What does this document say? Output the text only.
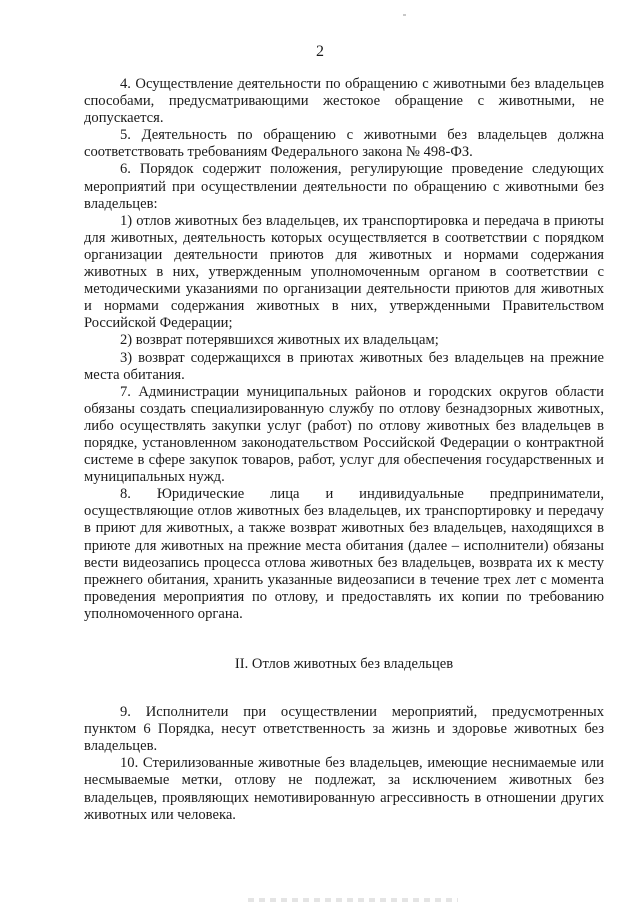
2

4. Осуществление деятельности по обращению с животными без владельцев способами, предусматривающими жестокое обращение с животными, не допускается.

5. Деятельность по обращению с животными без владельцев должна соответствовать требованиям Федерального закона № 498-ФЗ.

6. Порядок содержит положения, регулирующие проведение следующих мероприятий при осуществлении деятельности по обращению с животными без владельцев:

1) отлов животных без владельцев, их транспортировка и передача в приюты для животных, деятельность которых осуществляется в соответствии с порядком организации деятельности приютов для животных и нормами содержания животных в них, утвержденным уполномоченным органом в соответствии с методическими указаниями по организации деятельности приютов для животных и нормами содержания животных в них, утвержденными Правительством Российской Федерации;

2) возврат потерявшихся животных их владельцам;

3) возврат содержащихся в приютах животных без владельцев на прежние места обитания.

7. Администрации муниципальных районов и городских округов области обязаны создать специализированную службу по отлову безнадзорных животных, либо осуществлять закупки услуг (работ) по отлову животных без владельцев в порядке, установленном законодательством Российской Федерации о контрактной системе в сфере закупок товаров, работ, услуг для обеспечения государственных и муниципальных нужд.

8. Юридические лица и индивидуальные предприниматели, осуществляющие отлов животных без владельцев, их транспортировку и передачу в приют для животных, а также возврат животных без владельцев, находящихся в приюте для животных на прежние места обитания (далее – исполнители) обязаны вести видеозапись процесса отлова животных без владельцев, возврата их к месту прежнего обитания, хранить указанные видеозаписи в течение трех лет с момента проведения мероприятия по отлову, и предоставлять их копии по требованию уполномоченного органа.

II. Отлов животных без владельцев

9. Исполнители при осуществлении мероприятий, предусмотренных пунктом 6 Порядка, несут ответственность за жизнь и здоровье животных без владельцев.

10. Стерилизованные животные без владельцев, имеющие неснимаемые или несмываемые метки, отлову не подлежат, за исключением животных без владельцев, проявляющих немотивированную агрессивность в отношении других животных или человека.
